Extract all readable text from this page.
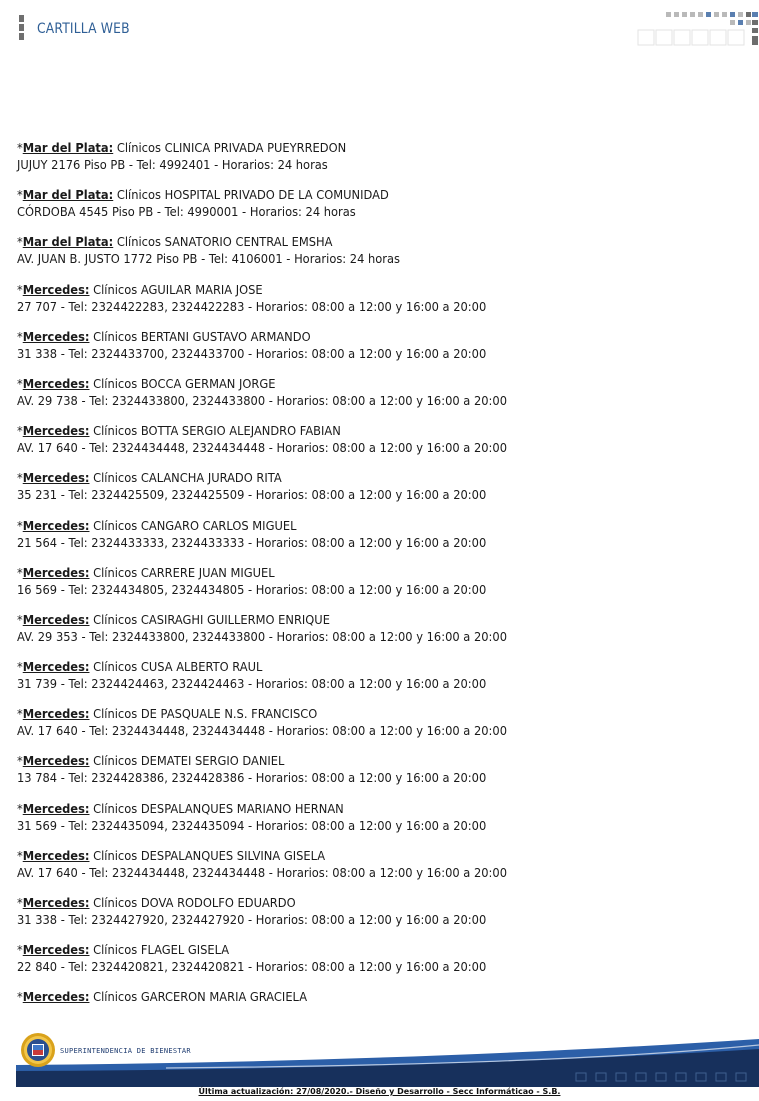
CARTILLA WEB
*Mar del Plata: Clínicos CLINICA PRIVADA PUEYRREDON
JUJUY 2176 Piso PB - Tel: 4992401 - Horarios: 24 horas
*Mar del Plata: Clínicos HOSPITAL PRIVADO DE LA COMUNIDAD
CÓRDOBA 4545 Piso PB - Tel: 4990001 - Horarios: 24 horas
*Mar del Plata: Clínicos SANATORIO CENTRAL EMSHA
AV. JUAN B. JUSTO 1772 Piso PB - Tel: 4106001 - Horarios: 24 horas
*Mercedes: Clínicos AGUILAR MARIA JOSE
27 707 - Tel: 2324422283, 2324422283 - Horarios: 08:00 a 12:00 y 16:00 a 20:00
*Mercedes: Clínicos BERTANI GUSTAVO ARMANDO
31 338 - Tel: 2324433700, 2324433700 - Horarios: 08:00 a 12:00 y 16:00 a 20:00
*Mercedes: Clínicos BOCCA GERMAN JORGE
AV. 29 738 - Tel: 2324433800, 2324433800 - Horarios: 08:00 a 12:00 y 16:00 a 20:00
*Mercedes: Clínicos BOTTA SERGIO ALEJANDRO FABIAN
AV. 17 640 - Tel: 2324434448, 2324434448 - Horarios: 08:00 a 12:00 y 16:00 a 20:00
*Mercedes: Clínicos CALANCHA JURADO RITA
35 231 - Tel: 2324425509, 2324425509 - Horarios: 08:00 a 12:00 y 16:00 a 20:00
*Mercedes: Clínicos CANGARO CARLOS MIGUEL
21 564 - Tel: 2324433333, 2324433333 - Horarios: 08:00 a 12:00 y 16:00 a 20:00
*Mercedes: Clínicos CARRERE JUAN MIGUEL
16 569 - Tel: 2324434805, 2324434805 - Horarios: 08:00 a 12:00 y 16:00 a 20:00
*Mercedes: Clínicos CASIRAGHI GUILLERMO ENRIQUE
AV. 29 353 - Tel: 2324433800, 2324433800 - Horarios: 08:00 a 12:00 y 16:00 a 20:00
*Mercedes: Clínicos CUSA ALBERTO RAUL
31 739 - Tel: 2324424463, 2324424463 - Horarios: 08:00 a 12:00 y 16:00 a 20:00
*Mercedes: Clínicos DE PASQUALE N.S. FRANCISCO
AV. 17 640 - Tel: 2324434448, 2324434448 - Horarios: 08:00 a 12:00 y 16:00 a 20:00
*Mercedes: Clínicos DEMATEI SERGIO DANIEL
13 784 - Tel: 2324428386, 2324428386 - Horarios: 08:00 a 12:00 y 16:00 a 20:00
*Mercedes: Clínicos DESPALANQUES MARIANO HERNAN
31 569 - Tel: 2324435094, 2324435094 - Horarios: 08:00 a 12:00 y 16:00 a 20:00
*Mercedes: Clínicos DESPALANQUES SILVINA GISELA
AV. 17 640 - Tel: 2324434448, 2324434448 - Horarios: 08:00 a 12:00 y 16:00 a 20:00
*Mercedes: Clínicos DOVA RODOLFO EDUARDO
31 338 - Tel: 2324427920, 2324427920 - Horarios: 08:00 a 12:00 y 16:00 a 20:00
*Mercedes: Clínicos FLAGEL GISELA
22 840 - Tel: 2324420821, 2324420821 - Horarios: 08:00 a 12:00 y 16:00 a 20:00
*Mercedes: Clínicos GARCERON MARIA GRACIELA
SUPERINTENDENCIA DE BIENESTAR
Última actualización: 27/08/2020.- Diseño y Desarrollo - Secc Informáticao - S.B.
